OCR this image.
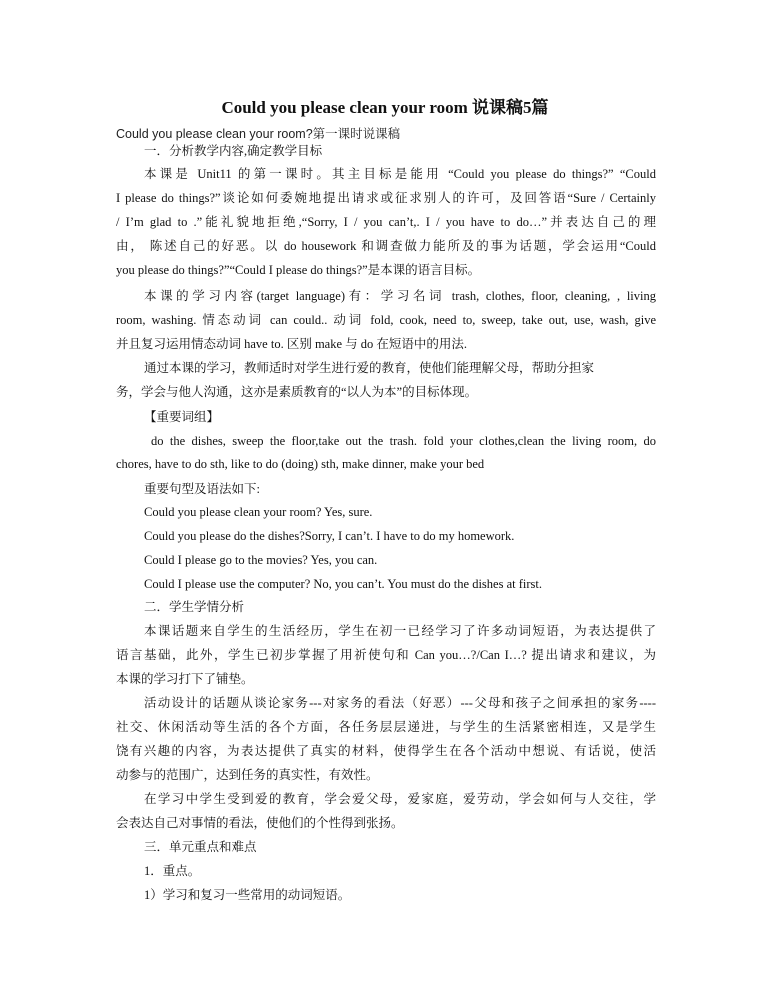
Could you please clean your room 说课稿5篇
Could you please clean your room?第一课时说课稿
一．分析教学内容,确定教学目标
本课是 Unit11 的第一课时。其主目标是能用 “Could you please do things?” “Could
I please do things?”谈论如何委婉地提出请求或征求别人的许可，及回答语“Sure / Certainly
/ I’m glad to .”能礼貌地拒绝,“Sorry, I / you can’t,. I / you have to do…”并表达自己的理
由， 陈述自己的好恶。以 do housework 和调查做力能所及的事为话题，学会运用“Could
you please do things?”“Could I please do things?”是本课的语言目标。
本课的学习内容(target language)有：学习名词 trash, clothes, floor, cleaning, , living
room, washing. 情态动词 can could.. 动词 fold, cook, need to, sweep, take out, use, wash, give
并且复习运用情态动词 have to. 区别 make 与 do 在短语中的用法.
通过本课的学习，教师适时对学生进行爱的教育，使他们能理解父母，帮助分担家
务，学会与他人沟通，这亦是素质教育的“以人为本”的目标体现。
【重要词组】
do the dishes, sweep the floor,take out the trash. fold your clothes,clean the living room, do
chores, have to do sth, like to do (doing) sth, make dinner, make your bed
重要句型及语法如下:
Could you please clean your room? Yes, sure.
Could you please do the dishes?Sorry, I can’t. I have to do my homework.
Could I please go to the movies? Yes, you can.
Could I please use the computer? No, you can’t. You must do the dishes at first.
二．学生学情分析
本课话题来自学生的生活经历，学生在初一已经学习了许多动词短语，为表达提供了
语言基础，此外，学生已初步掌握了用祈使句和 Can you…?/Can I…? 提出请求和建议，为
本课的学习打下了铺垫。
活动设计的话题从谈论家务---对家务的看法（好恶）---父母和孩子之间承担的家务----
社交、休闲活动等生活的各个方面，各任务层层递进，与学生的生活紧密相连，又是学生
饶有兴趣的内容，为表达提供了真实的材料，使得学生在各个活动中想说、有话说，使活
动参与的范围广，达到任务的真实性，有效性。
在学习中学生受到爱的教育，学会爱父母，爱家庭，爱劳动，学会如何与人交往，学
会表达自己对事情的看法，使他们的个性得到张扬。
三．单元重点和难点
1．重点。
1）学习和复习一些常用的动词短语。
